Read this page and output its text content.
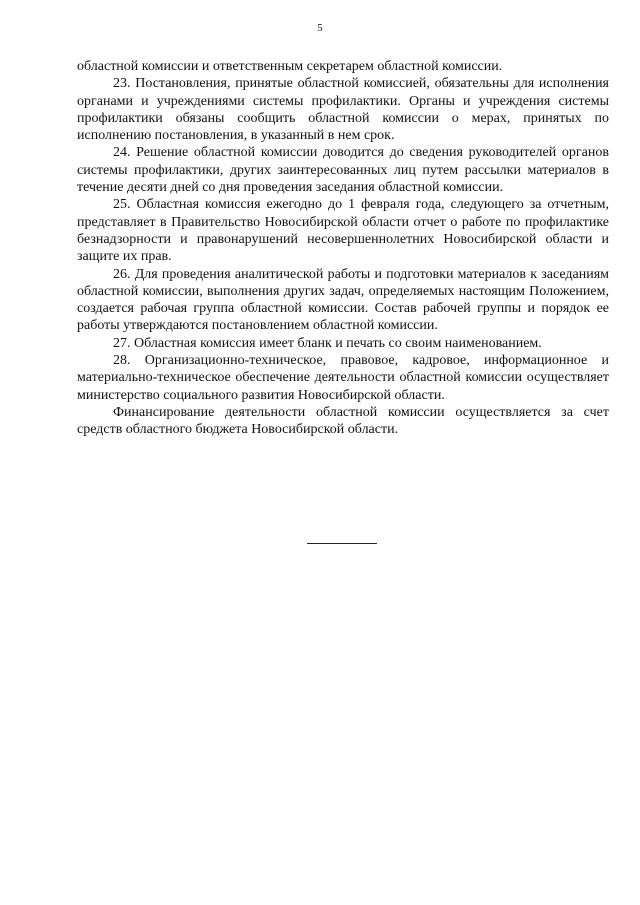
5

областной комиссии и ответственным секретарем областной комиссии.

23. Постановления, принятые областной комиссией, обязательны для исполнения органами и учреждениями системы профилактики. Органы и учреждения системы профилактики обязаны сообщить областной комиссии о мерах, принятых по исполнению постановления, в указанный в нем срок.

24. Решение областной комиссии доводится до сведения руководителей органов системы профилактики, других заинтересованных лиц путем рассылки материалов в течение десяти дней со дня проведения заседания областной комиссии.

25. Областная комиссия ежегодно до 1 февраля года, следующего за отчетным, представляет в Правительство Новосибирской области отчет о работе по профилактике безнадзорности и правонарушений несовершеннолетних Новосибирской области и защите их прав.

26. Для проведения аналитической работы и подготовки материалов к заседаниям областной комиссии, выполнения других задач, определяемых настоящим Положением, создается рабочая группа областной комиссии. Состав рабочей группы и порядок ее работы утверждаются постановлением областной комиссии.

27. Областная комиссия имеет бланк и печать со своим наименованием.

28. Организационно-техническое, правовое, кадровое, информационное и материально-техническое обеспечение деятельности областной комиссии осуществляет министерство социального развития Новосибирской области.

Финансирование деятельности областной комиссии осуществляется за счет средств областного бюджета Новосибирской области.
